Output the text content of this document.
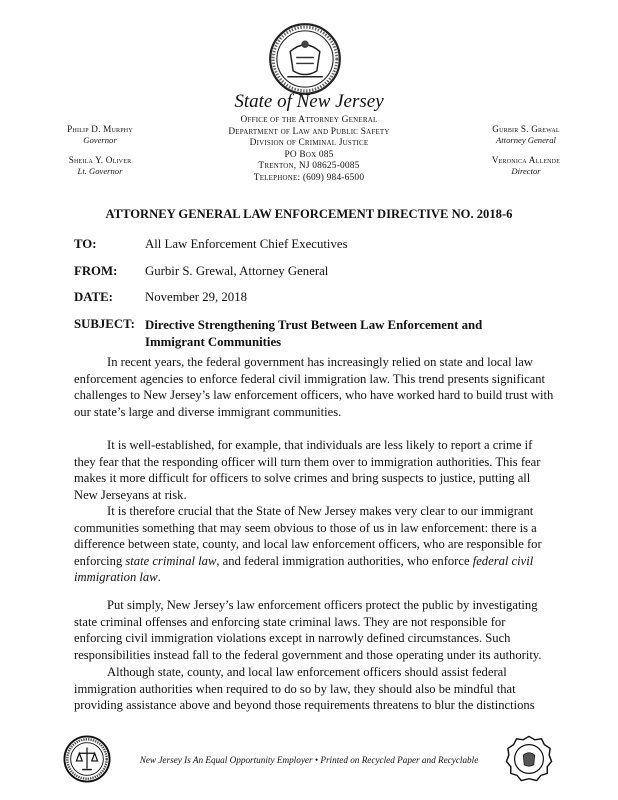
State of New Jersey
Office of the Attorney General
Department of Law and Public Safety
Division of Criminal Justice
PO Box 085
Trenton, NJ 08625-0085
Telephone: (609) 984-6500
Philip D. Murphy
Governor
Sheila Y. Oliver
Lt. Governor
Gurbir S. Grewal
Attorney General
Veronica Allende
Director
ATTORNEY GENERAL LAW ENFORCEMENT DIRECTIVE NO. 2018-6
TO:	All Law Enforcement Chief Executives
FROM: Gurbir S. Grewal, Attorney General
DATE:	November 29, 2018
SUBJECT: Directive Strengthening Trust Between Law Enforcement and Immigrant Communities

In recent years, the federal government has increasingly relied on state and local law enforcement agencies to enforce federal civil immigration law. This trend presents significant challenges to New Jersey’s law enforcement officers, who have worked hard to build trust with our state’s large and diverse immigrant communities.

It is well-established, for example, that individuals are less likely to report a crime if they fear that the responding officer will turn them over to immigration authorities. This fear makes it more difficult for officers to solve crimes and bring suspects to justice, putting all New Jerseyans at risk.

It is therefore crucial that the State of New Jersey makes very clear to our immigrant communities something that may seem obvious to those of us in law enforcement: there is a difference between state, county, and local law enforcement officers, who are responsible for enforcing state criminal law, and federal immigration authorities, who enforce federal civil immigration law.

Put simply, New Jersey’s law enforcement officers protect the public by investigating state criminal offenses and enforcing state criminal laws. They are not responsible for enforcing civil immigration violations except in narrowly defined circumstances. Such responsibilities instead fall to the federal government and those operating under its authority.

Although state, county, and local law enforcement officers should assist federal immigration authorities when required to do so by law, they should also be mindful that providing assistance above and beyond those requirements threatens to blur the distinctions

New Jersey Is An Equal Opportunity Employer • Printed on Recycled Paper and Recyclable
